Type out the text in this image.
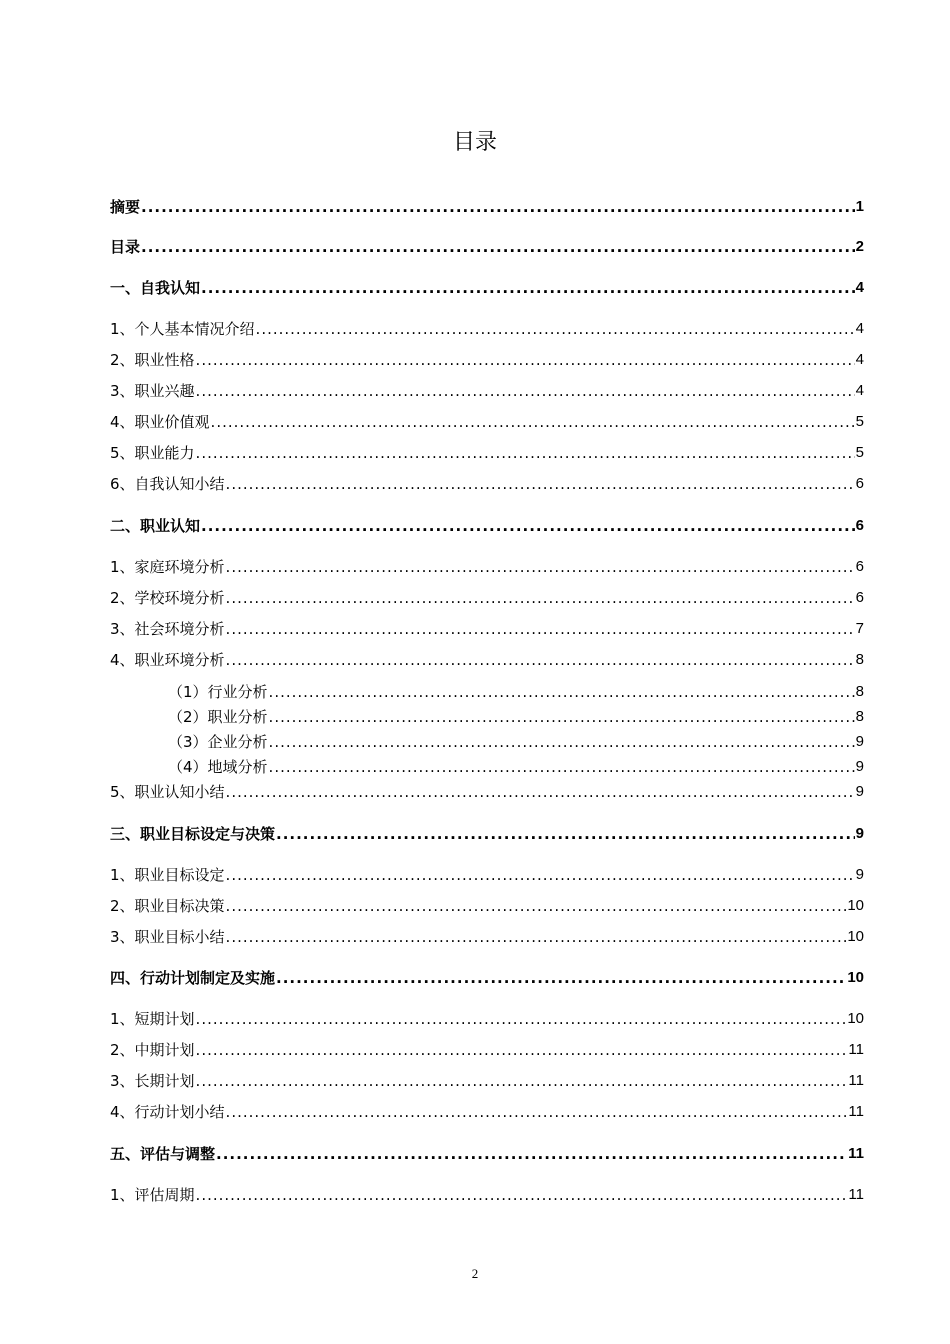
目录
摘要 .....	1
目录 .....	2
一、自我认知 .....	4
1、个人基本情况介绍 .....	4
2、职业性格 .....	4
3、职业兴趣 .....	4
4、职业价值观 .....	5
5、职业能力 .....	5
6、自我认知小结 .....	6
二、职业认知 .....	6
1、家庭环境分析 .....	6
2、学校环境分析 .....	6
3、社会环境分析 .....	7
4、职业环境分析 .....	8
（1）行业分析 .....	8
（2）职业分析 .....	8
（3）企业分析 .....	9
（4）地域分析 .....	9
5、职业认知小结 .....	9
三、职业目标设定与决策 .....	9
1、职业目标设定 .....	9
2、职业目标决策 .....	10
3、职业目标小结 .....	10
四、行动计划制定及实施 .....	10
1、短期计划 .....	10
2、中期计划 .....	11
3、长期计划 .....	11
4、行动计划小结 .....	11
五、评估与调整 .....	11
1、评估周期 .....	11
2
